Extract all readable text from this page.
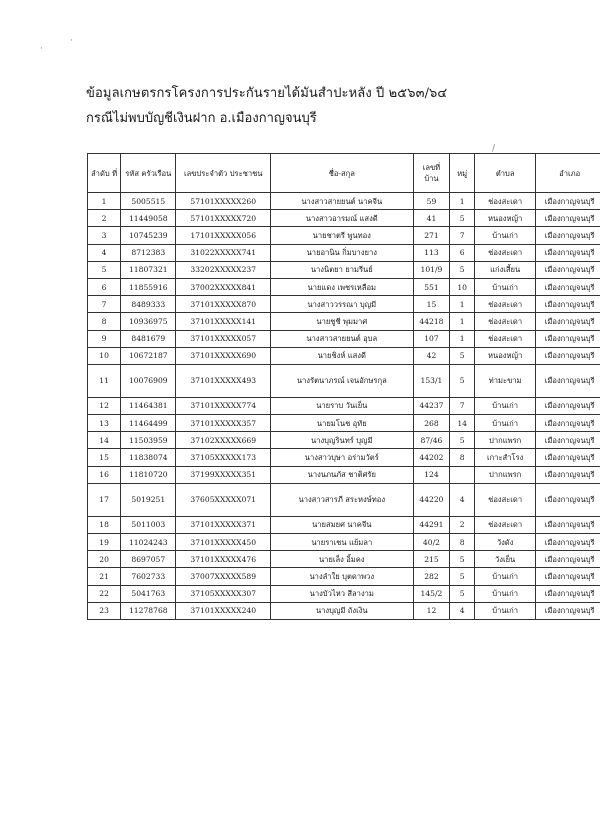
·
·
/
ข้อมูลเกษตรกรโครงการประกันรายได้มันสำปะหลัง ปี ๒๕๖๓/๖๔
กรณีไม่พบบัญชีเงินฝาก อ.เมืองกาญจนบุรี
ลำดับ ที่	รหัส ครัวเรือน	เลขประจำตัว ประชาชน	ชื่อ-สกุล	เลขที่ บ้าน	หมู่	ตำบล	อำเภอ
1	5005515	57101XXXXX260	นางสาวสายยนต์ นาคจีน	59	1	ช่องสะเดา	เมืองกาญจนบุรี
2	11449058	57101XXXXX720	นางสาวอารมณ์ แสงดี	41	5	หนองหญ้า	เมืองกาญจนบุรี
3	10745239	17101XXXXX056	นายชาตรี พูนทอง	271	7	บ้านเก่า	เมืองกาญจนบุรี
4	8712383	31022XXXXX741	นายอานิน กิ่มบางยาง	113	6	ช่องสะเดา	เมืองกาญจนบุรี
5	11807321	33202XXXXX237	นางนิตยา ยามรีนย์	101/9	5	แก่งเสี้ยน	เมืองกาญจนบุรี
6	11855916	37002XXXXX841	นายแดง เพชรเหลือม	551	10	บ้านเก่า	เมืองกาญจนบุรี
7	8489333	37101XXXXX870	นางสาววรรณา บุญมี	15	1	ช่องสะเดา	เมืองกาญจนบุรี
8	10936975	37101XXXXX141	นายชูชี พุมมาศ	44218	1	ช่องสะเดา	เมืองกาญจนบุรี
9	8481679	37101XXXXX057	นางสาวสายยนต์ อุบล	107	1	ช่องสะเดา	เมืองกาญจนบุรี
10	10672187	37101XXXXX690	นายชิงห์ แสงดี	42	5	หนองหญ้า	เมืองกาญจนบุรี
11	10076909	37101XXXXX493	นางรัตนาภรณ์ เจนอักษรกุล	153/1	5	ท่ามะขาม	เมืองกาญจนบุรี
12	11464381	37101XXXXX774	นายราบ วันเย็น	44237	7	บ้านเก่า	เมืองกาญจนบุรี
13	11464499	37101XXXXX357	นายมโนช อุทัย	268	14	บ้านเก่า	เมืองกาญจนบุรี
14	11503959	37102XXXXX669	นางบุญรินทร์ บุญมี	87/46	5	ปากแพรก	เมืองกาญจนบุรี
15	11838074	37105XXXXX173	นางสาวบุษา อร่ามวัตร์	44202	8	เกาะสำโรง	เมืองกาญจนบุรี
16	11810720	37199XXXXX351	นางนภนภัส ชาติศรัย	124		ปากแพรก	เมืองกาญจนบุรี
17	5019251	37605XXXXX071	นางสาวสารภี สระหงษ์ทอง	44220	4	ช่องสะเดา	เมืองกาญจนบุรี
18	5011003	37101XXXXX371	นายสมยศ นาคจีน	44291	2	ช่องสะเดา	เมืองกาญจนบุรี
19	11024243	37101XXXXX450	นายราเชน แย้มลา	40/2	8	วังดัง	เมืองกาญจนบุรี
20	8697057	37101XXXXX476	นายเล็ง อิ้มคง	215	5	วังเย็น	เมืองกาญจนบุรี
21	7602733	37007XXXXX589	นางลำใย บุตดาพวง	282	5	บ้านเก่า	เมืองกาญจนบุรี
22	5041763	37105XXXXX307	นางบัวไหว สีลางาม	145/2	5	บ้านเก่า	เมืองกาญจนบุรี
23	11278768	37101XXXXX240	นางบุญมี ถังเงิน	12	4	บ้านเก่า	เมืองกาญจนบุรี
